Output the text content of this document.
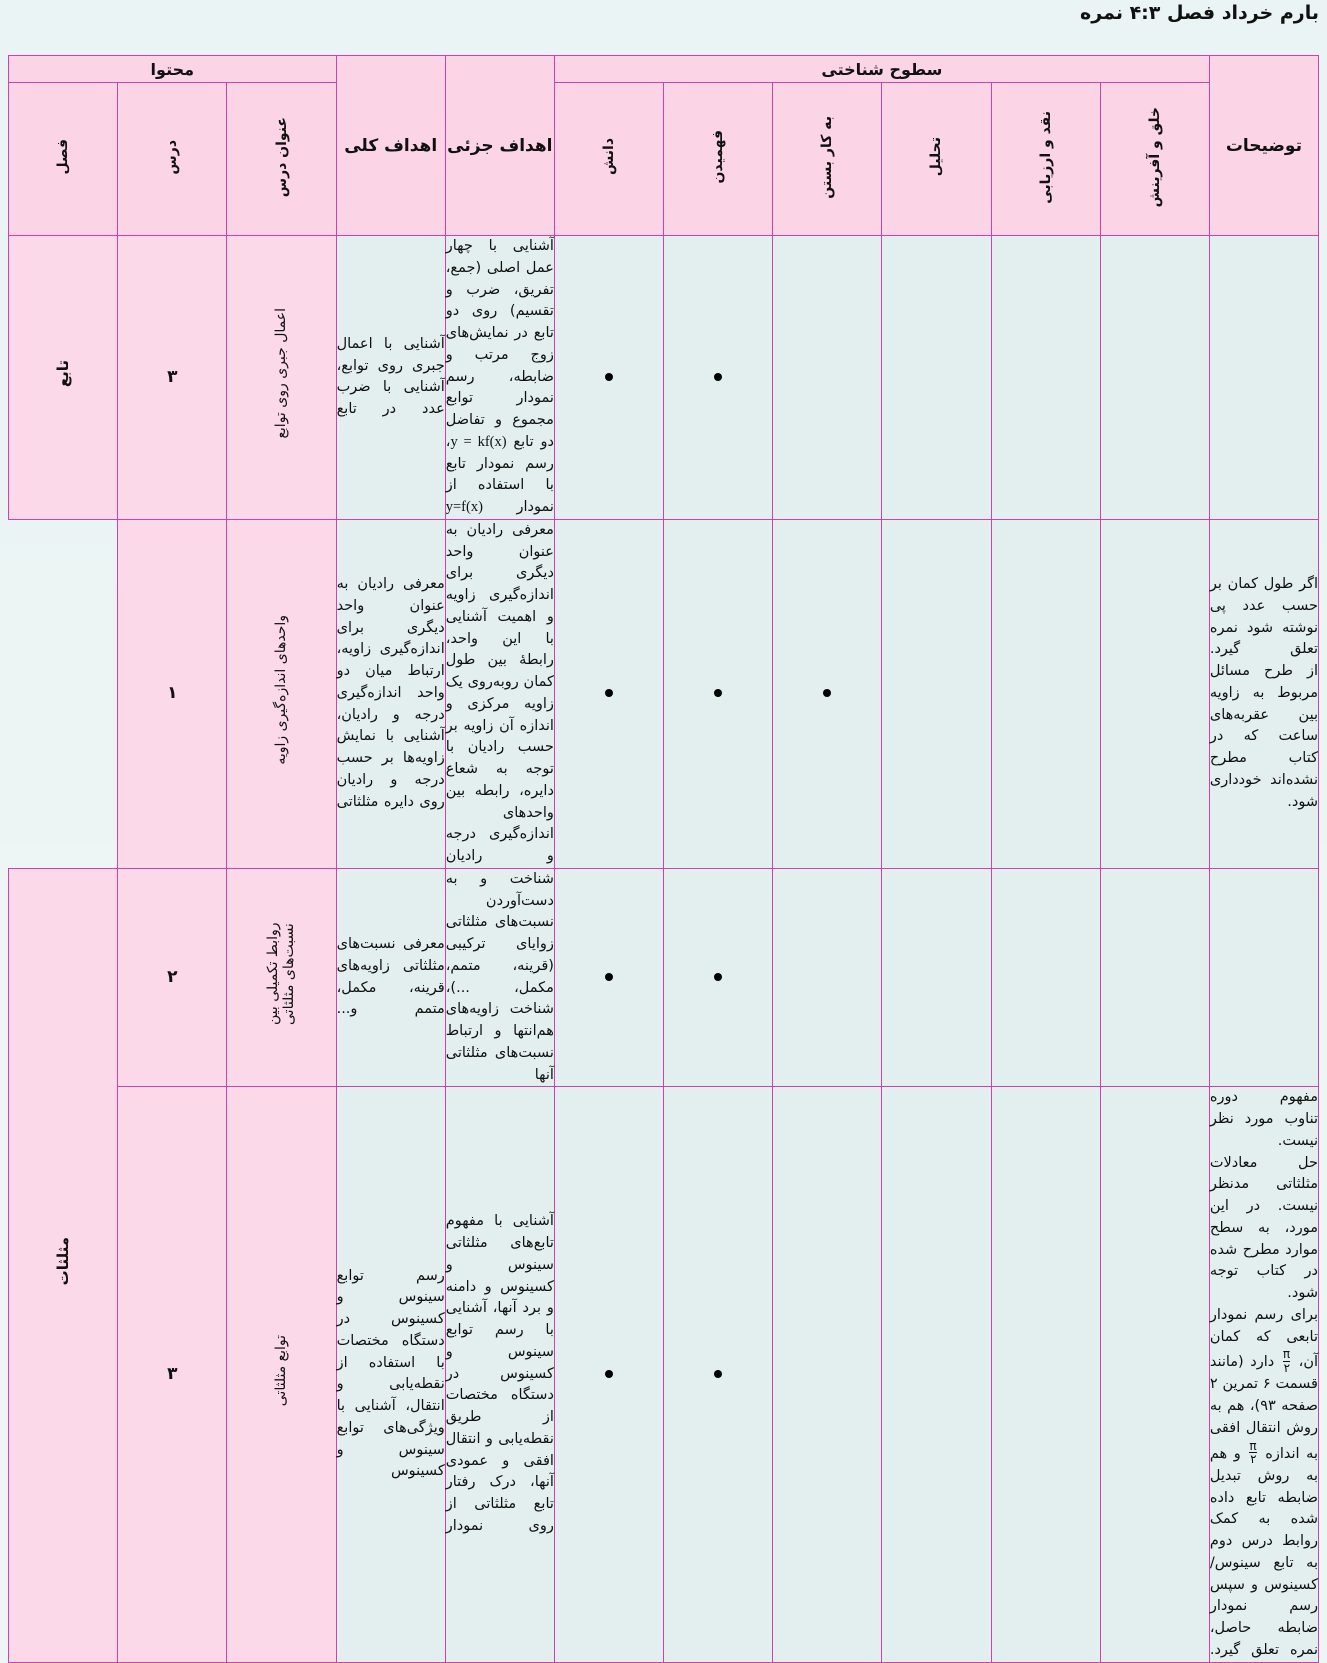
بارم خرداد فصل ۴:۳ نمره
توضیحات	سطوح شناختی						اهداف جزئی	اهداف کلی	محتوا		
	خلق و آفرینش	نقد و ارزیابی	تحلیل	به کار بستن	فهمیدن	دانش			عنوان درس	درس	فصل
							آشنایی با چهار عمل اصلی (جمع، تفریق، ضرب و تقسیم) روی دو تابع در نمایش‌های زوج مرتب و ضابطه، رسم نمودار توابع مجموع و تفاضل دو تابع y = kf(x)، رسم نمودار تابع با استفاده از نمودار y=f(x)	آشنایی با اعمال جبری روی توابع، آشنایی با ضرب عدد در تابع	اعمال جبری روی توابع	۳	تابع
اگر طول کمان بر حسب عدد پی نوشته شود نمره تعلق گیرد.
از طرح مسائل مربوط به زاویه بین عقربه‌های ساعت که در کتاب مطرح نشده‌اند خودداری شود.							معرفی رادیان به عنوان واحد دیگری برای اندازه‌گیری زاویه و اهمیت آشنایی با این واحد، رابطهٔ بین طول کمان روبه‌روی یک زاویه مرکزی و اندازه آن زاویه بر حسب رادیان با توجه به شعاع دایره، رابطه بین واحدهای اندازه‌گیری درجه و رادیان	معرفی رادیان به عنوان واحد دیگری برای اندازه‌گیری زاویه، ارتباط میان دو واحد اندازه‌گیری درجه و رادیان، آشنایی با نمایش زاویه‌ها بر حسب درجه و رادیان روی دایره مثلثاتی	واحدهای اندازه‌گیری زاویه	۱	
							شناخت و به دست‌آوردن نسبت‌های مثلثاتی زوایای ترکیبی (قرینه، متمم، مکمل، ...)، شناخت زاویه‌های هم‌انتها و ارتباط نسبت‌های مثلثاتی آنها	معرفی نسبت‌های مثلثاتی زاویه‌های قرینه، مکمل، متمم و...	روابط تکمیلی بین نسبت‌های مثلثاتی	۲	مثلثات
مفهوم دوره تناوب مورد نظر نیست.
حل معادلات مثلثاتی مدنظر نیست. در این مورد، به سطح موارد مطرح شده در کتاب توجه شود.
برای رسم نمودار تابعی که کمان آن،
$\frac{\pi}{۲}$
دارد (مانند قسمت ۶ تمرین ۲ صفحه ۹۳)، هم به روش انتقال افقی به اندازه
$\frac{\pi}{۲}$
و هم به روش تبدیل ضابطه تابع داده شده به کمک روابط درس دوم به تابع سینوس/کسینوس و سپس رسم نمودار ضابطه حاصل، نمره تعلق گیرد.							آشنایی با مفهوم تابع‌های مثلثاتی سینوس و کسینوس و دامنه و برد آنها، آشنایی با رسم توابع سینوس و کسینوس در دستگاه مختصات از طریق نقطه‌یابی و انتقال افقی و عمودی آنها، درک رفتار تابع مثلثاتی از روی نمودار	رسم توابع سینوس و کسینوس در دستگاه مختصات با استفاده از نقطه‌یابی و انتقال، آشنایی با ویژگی‌های توابع سینوس و کسینوس	توابع مثلثاتی	۳
